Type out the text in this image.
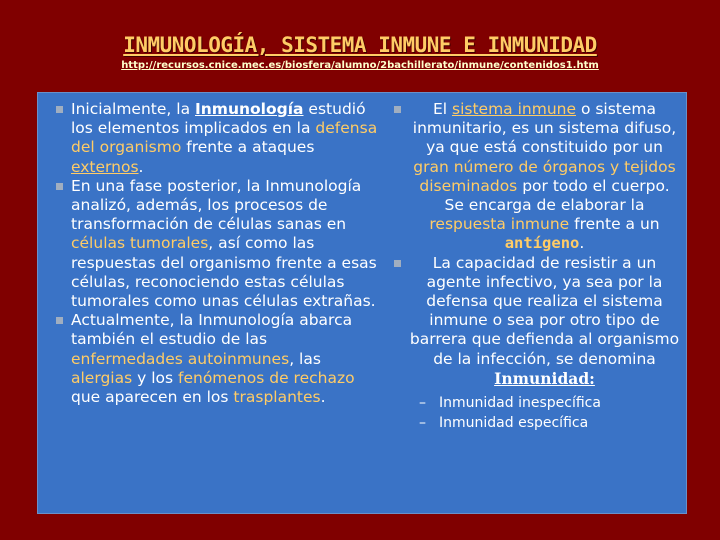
INMUNOLOGÍA, SISTEMA INMUNE E INMUNIDAD
http://recursos.cnice.mec.es/biosfera/alumno/2bachillerato/inmune/contenidos1.htm
Inicialmente, la Inmunología estudió los elementos implicados en la defensa del organismo frente a ataques externos.
En una fase posterior, la Inmunología analizó, además, los procesos de transformación de células sanas en células tumorales, así como las respuestas del organismo frente a esas células, reconociendo estas células tumorales como unas células extrañas.
Actualmente, la Inmunología abarca también el estudio de las enfermedades autoinmunes, las alergias y los fenómenos de rechazo que aparecen en los trasplantes.
El sistema inmune o sistema inmunitario, es un sistema difuso, ya que está constituido por un gran número de órganos y tejidos diseminados por todo el cuerpo. Se encarga de elaborar la respuesta inmune frente a un antígeno.
La capacidad de resistir a un agente infectivo, ya sea por la defensa que realiza el sistema inmune o sea por otro tipo de barrera que defienda al organismo de la infección, se denomina Inmunidad:
– Inmunidad inespecífica
– Inmunidad específica
